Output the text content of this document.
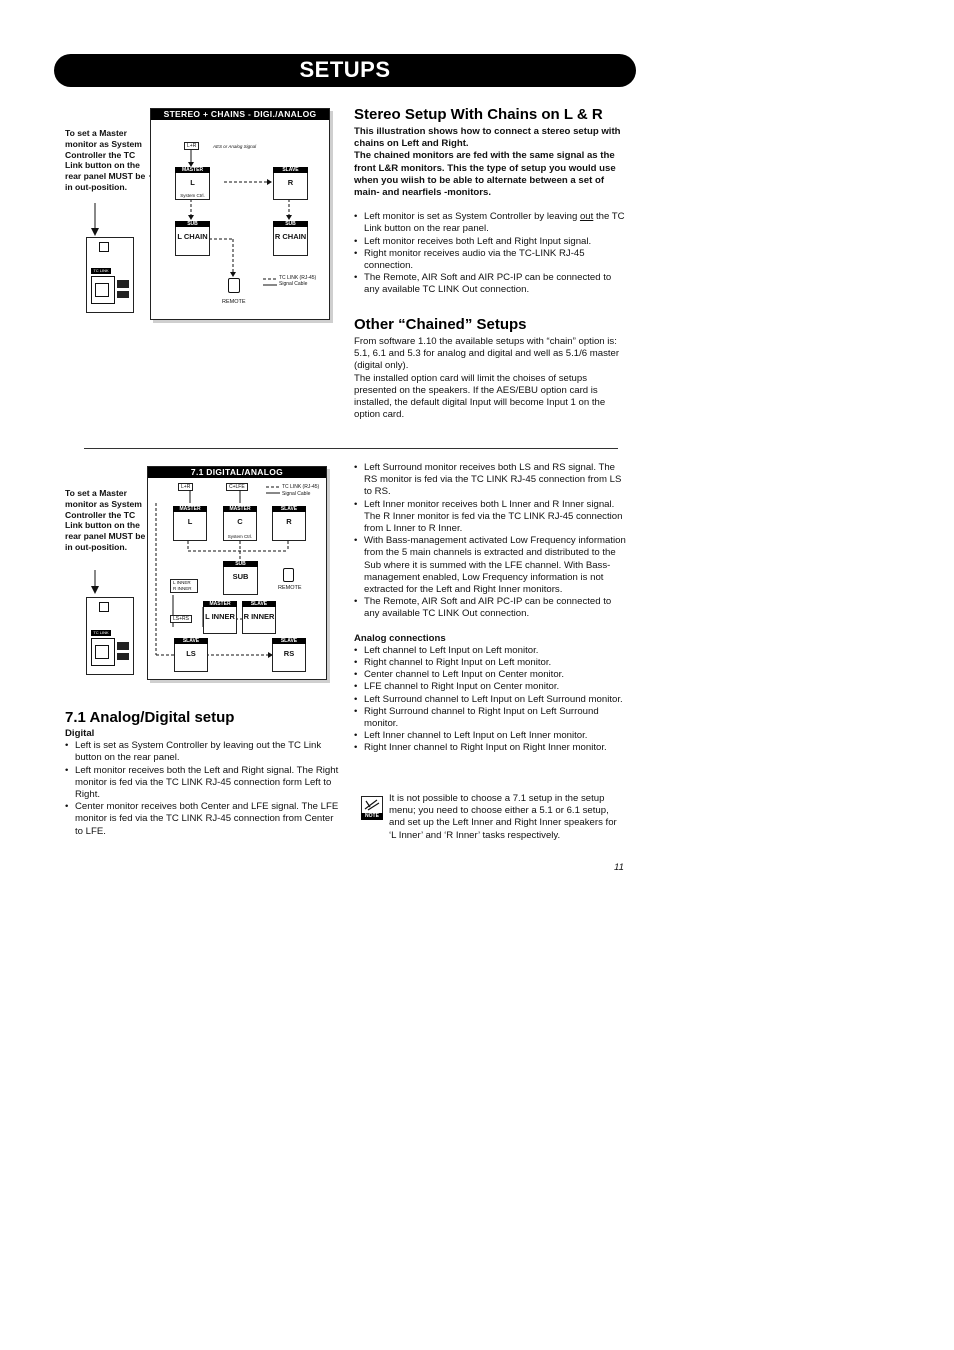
SETUPS
To set a Master monitor as System Controller the TC Link button on the rear panel MUST be in out-position.
TC LINK
STEREO + CHAINS - DIGI./ANALOG
L+R	AES or Analog Signal
MASTER
L
System Ctrl.
SLAVE
R
SUB
L CHAIN
SUB
R CHAIN
REMOTE
TC LINK (RJ-45)
Signal Cable
Stereo Setup With Chains on L & R
This illustration shows how to connect a stereo setup with chains on Left and Right.
The chained monitors are fed with the same signal as the front L&R monitors. This the type of setup you would use when you wiish to be able to alternate between a set of main- and nearfiels -monitors.
• Left monitor is set as System Controller by leaving out the TC Link button on the rear panel.
• Left monitor receives both Left and Right Input signal.
• Right monitor receives audio via the TC-LINK RJ-45 connection.
• The Remote, AIR Soft and AIR PC-IP can be connected to any available TC LINK Out connection.
Other “Chained” Setups
From software 1.10 the available setups with “chain” option is: 5.1, 6.1 and 5.3 for analog and digital and well as 5.1/6 master (digital only).
The installed option card will limit the choises of setups presented on the speakers. If the AES/EBU option card is installed, the default digital Input will become Input 1 on the option card.
To set a Master monitor as System Controller the TC Link button on the rear panel MUST be in out-position.
TC LINK
7.1 DIGITAL/ANALOG
L+R	C+LFE	TC LINK (RJ-45)
Signal Cable
MASTER
L
MASTER
C
System Ctrl.
SLAVE
R
SUB
SUB
REMOTE
L INNER R INNER
LS+RS
MASTER
L INNER
SLAVE
R INNER
SLAVE
LS
SLAVE
RS
7.1 Analog/Digital setup
Digital
• Left is set as System Controller by leaving out the TC Link button on the rear panel.
• Left monitor receives both the Left and Right signal. The Right monitor is fed via the TC LINK RJ-45 connection form Left to Right.
• Center monitor receives both Center and LFE signal. The LFE monitor is fed via the TC LINK RJ-45 connection from Center to LFE.
• Left Surround monitor receives both LS and RS signal. The RS monitor is fed via the TC LINK RJ-45 connection from LS to RS.
• Left Inner monitor receives both L Inner and R Inner signal. The R Inner monitor is fed via the TC LINK RJ-45 connection from L Inner to R Inner.
• With Bass-management activated Low Frequency information from the 5 main channels is extracted and distributed to the Sub where it is summed with the LFE channel. With Bass-management enabled, Low Frequency information is not extracted for the Left and Right Inner monitors.
• The Remote, AIR Soft and AIR PC-IP can be connected to any available TC LINK Out connection.
Analog connections
• Left channel to Left Input on Left monitor.
• Right channel to Right Input on Left monitor.
• Center channel to Left Input on Center monitor.
• LFE channel to Right Input on Center monitor.
• Left Surround channel to Left Input on Left Surround monitor.
• Right Surround channel to Right Input on Left Surround monitor.
• Left Inner channel to Left Input on Left Inner monitor.
• Right Inner channel to Right Input on Right Inner monitor.
NOTE
It is not possible to choose a 7.1 setup in the setup menu; you need to choose either a 5.1 or 6.1 setup, and set up the Left Inner and Right Inner speakers for ‘L Inner’ and ‘R Inner’ tasks respectively.
11
